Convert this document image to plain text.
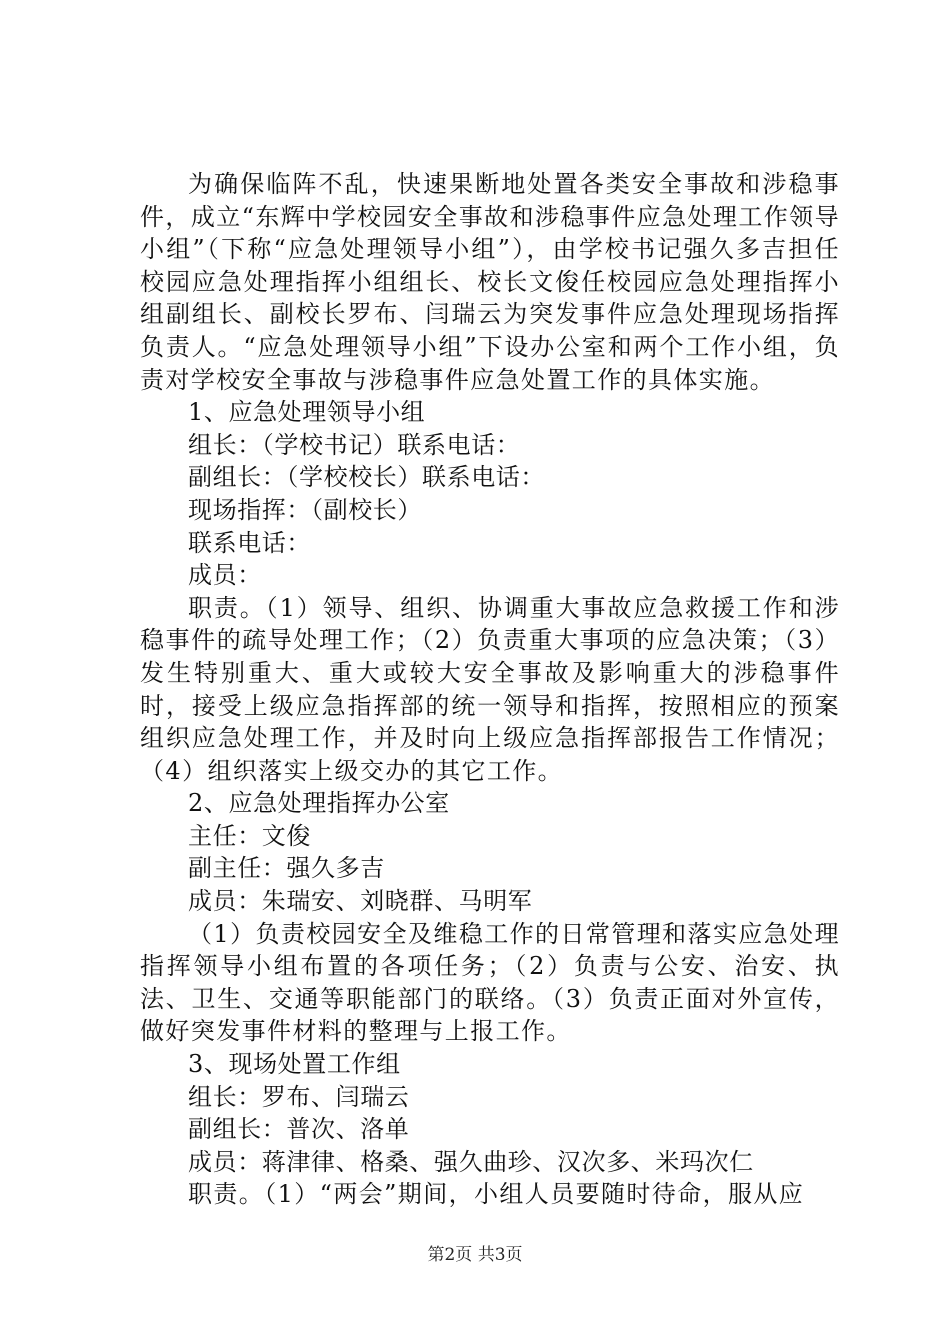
为确保临阵不乱，快速果断地处置各类安全事故和涉稳事件，成立“东辉中学校园安全事故和涉稳事件应急处理工作领导小组”（下称“应急处理领导小组”），由学校书记强久多吉担任校园应急处理指挥小组组长、校长文俊任校园应急处理指挥小组副组长、副校长罗布、闫瑞云为突发事件应急处理现场指挥负责人。“应急处理领导小组”下设办公室和两个工作小组，负责对学校安全事故与涉稳事件应急处置工作的具体实施。

1、应急处理领导小组

组长：（学校书记）联系电话：

副组长：（学校校长）联系电话：

现场指挥：（副校长）

联系电话：

成员：

职责。（1）领导、组织、协调重大事故应急救援工作和涉稳事件的疏导处理工作；（2）负责重大事项的应急决策；（3）发生特别重大、重大或较大安全事故及影响重大的涉稳事件时，接受上级应急指挥部的统一领导和指挥，按照相应的预案组织应急处理工作，并及时向上级应急指挥部报告工作情况；（4）组织落实上级交办的其它工作。

2、应急处理指挥办公室

主任：文俊

副主任：强久多吉

成员：朱瑞安、刘晓群、马明军

（1）负责校园安全及维稳工作的日常管理和落实应急处理指挥领导小组布置的各项任务；（2）负责与公安、治安、执法、卫生、交通等职能部门的联络。（3）负责正面对外宣传，做好突发事件材料的整理与上报工作。

3、现场处置工作组

组长：罗布、闫瑞云

副组长：普次、洛单

成员：蒋津律、格桑、强久曲珍、汉次多、米玛次仁

职责。（1）“两会”期间，小组人员要随时待命，服从应

第2页 共3页
